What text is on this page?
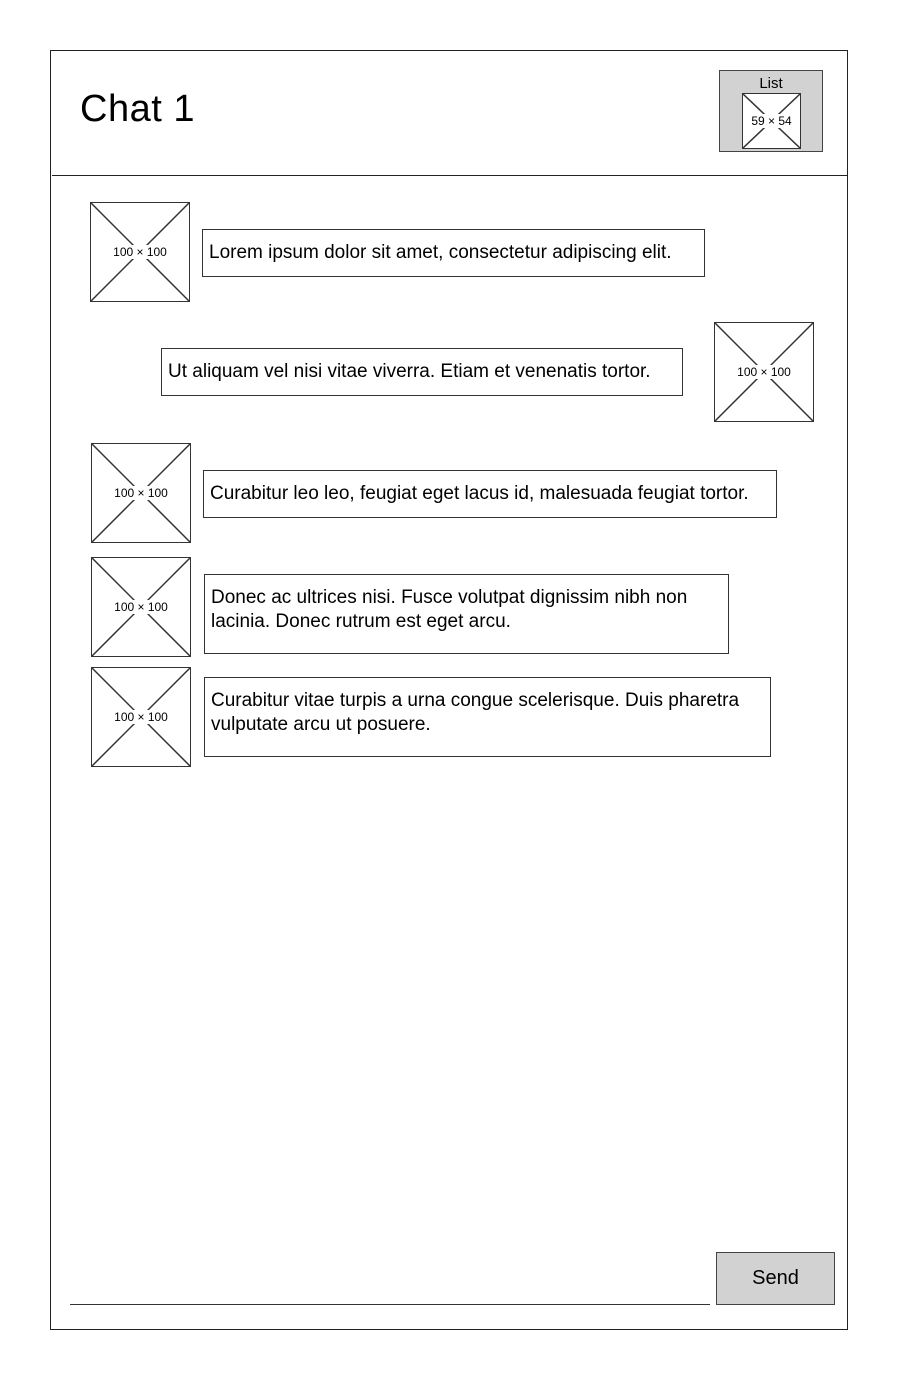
Chat 1
List
59 × 54
100 × 100 Lorem ipsum dolor sit amet, consectetur adipiscing elit.
Ut aliquam vel nisi vitae viverra. Etiam et venenatis tortor.	100 × 100
100 × 100 Curabitur leo leo, feugiat eget lacus id, malesuada feugiat tortor.
100 × 100	Donec ac ultrices nisi. Fusce volutpat dignissim nibh non lacinia. Donec rutrum est eget arcu.
100 × 100
Curabitur vitae turpis a urna congue scelerisque. Duis pharetra vulputate arcu ut posuere.
Send
